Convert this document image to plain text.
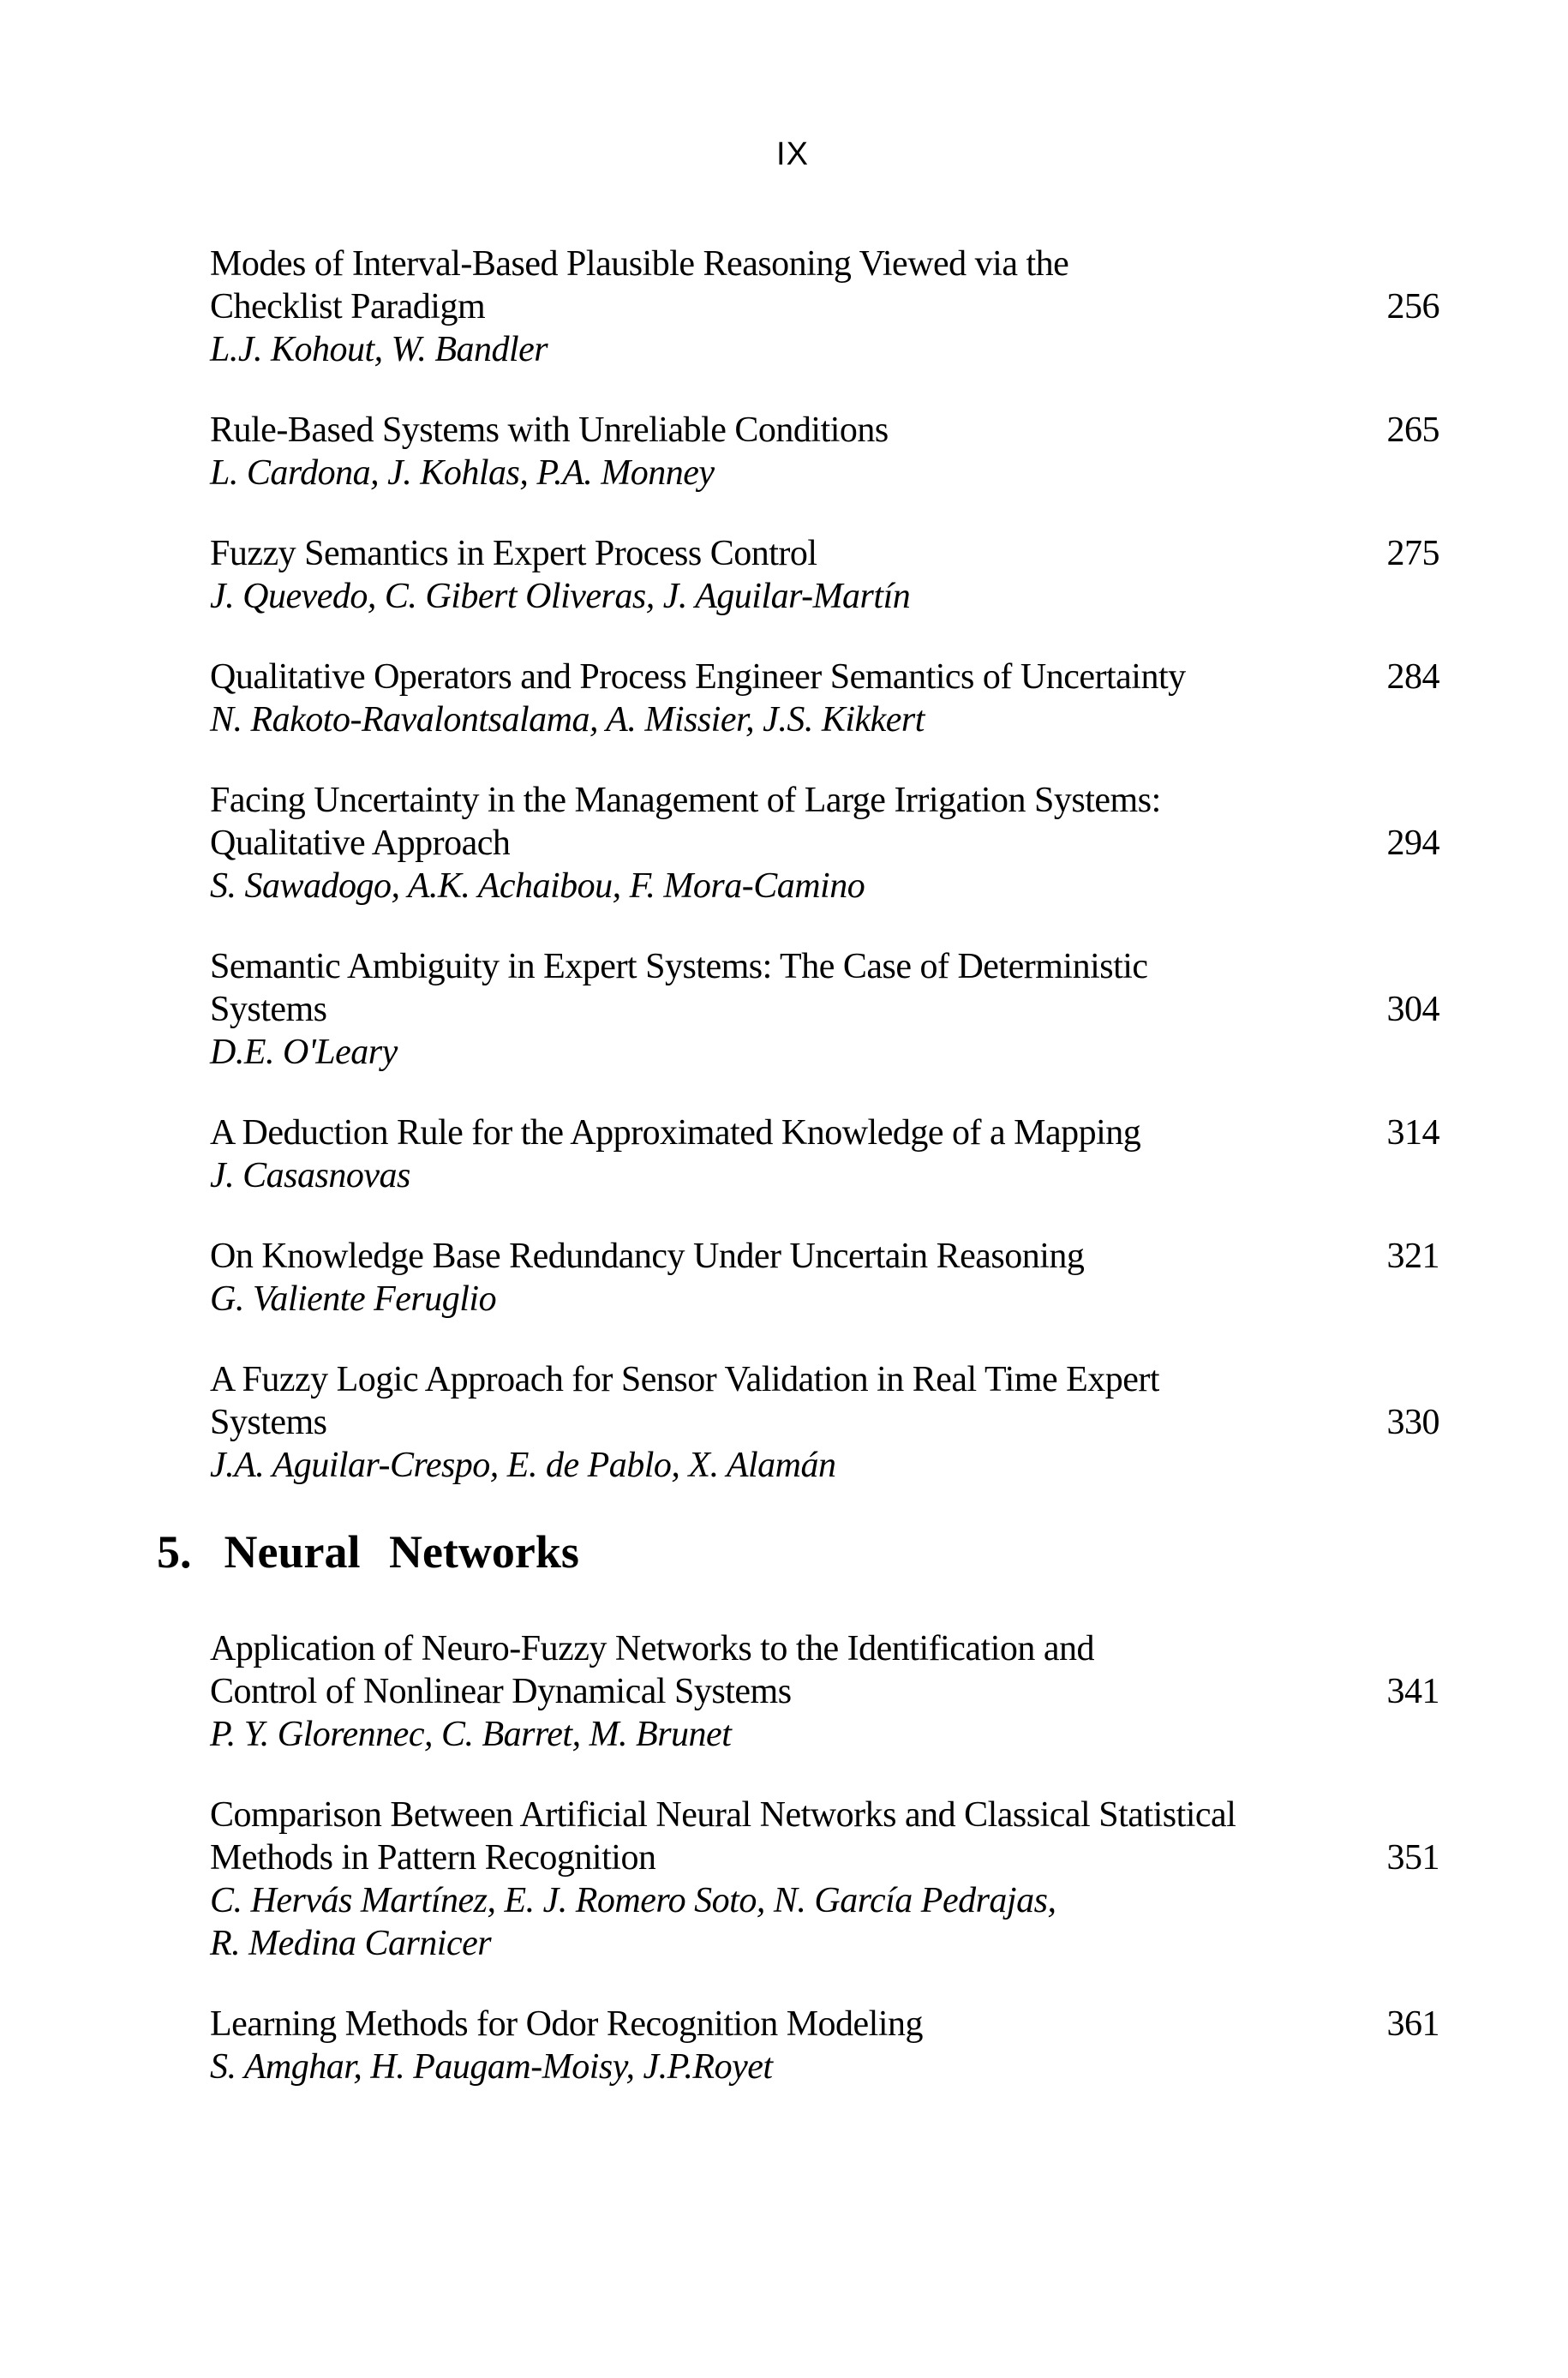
IX
Modes of Interval-Based Plausible Reasoning Viewed via the
Checklist Paradigm	256
L.J. Kohout, W. Bandler
Rule-Based Systems with Unreliable Conditions	265
L. Cardona, J. Kohlas, P.A. Monney
Fuzzy Semantics in Expert Process Control	275
J. Quevedo, C. Gibert Oliveras, J. Aguilar-Martín
Qualitative Operators and Process Engineer Semantics of Uncertainty	284
N. Rakoto-Ravalontsalama, A. Missier, J.S. Kikkert
Facing Uncertainty in the Management of Large Irrigation Systems:
Qualitative Approach	294
S. Sawadogo, A.K. Achaibou, F. Mora-Camino
Semantic Ambiguity in Expert Systems: The Case of Deterministic
Systems	304
D.E. O'Leary
A Deduction Rule for the Approximated Knowledge of a Mapping	314
J. Casasnovas
On Knowledge Base Redundancy Under Uncertain Reasoning	321
G. Valiente Feruglio
A Fuzzy Logic Approach for Sensor Validation in Real Time Expert
Systems	330
J.A. Aguilar-Crespo, E. de Pablo, X. Alamán
5. Neural Networks
Application of Neuro-Fuzzy Networks to the Identification and
Control of Nonlinear Dynamical Systems	341
P. Y. Glorennec, C. Barret, M. Brunet
Comparison Between Artificial Neural Networks and Classical Statistical
Methods in Pattern Recognition	351
C. Hervás Martínez, E. J. Romero Soto, N. García Pedrajas,
R. Medina Carnicer
Learning Methods for Odor Recognition Modeling	361
S. Amghar, H. Paugam-Moisy, J.P.Royet
